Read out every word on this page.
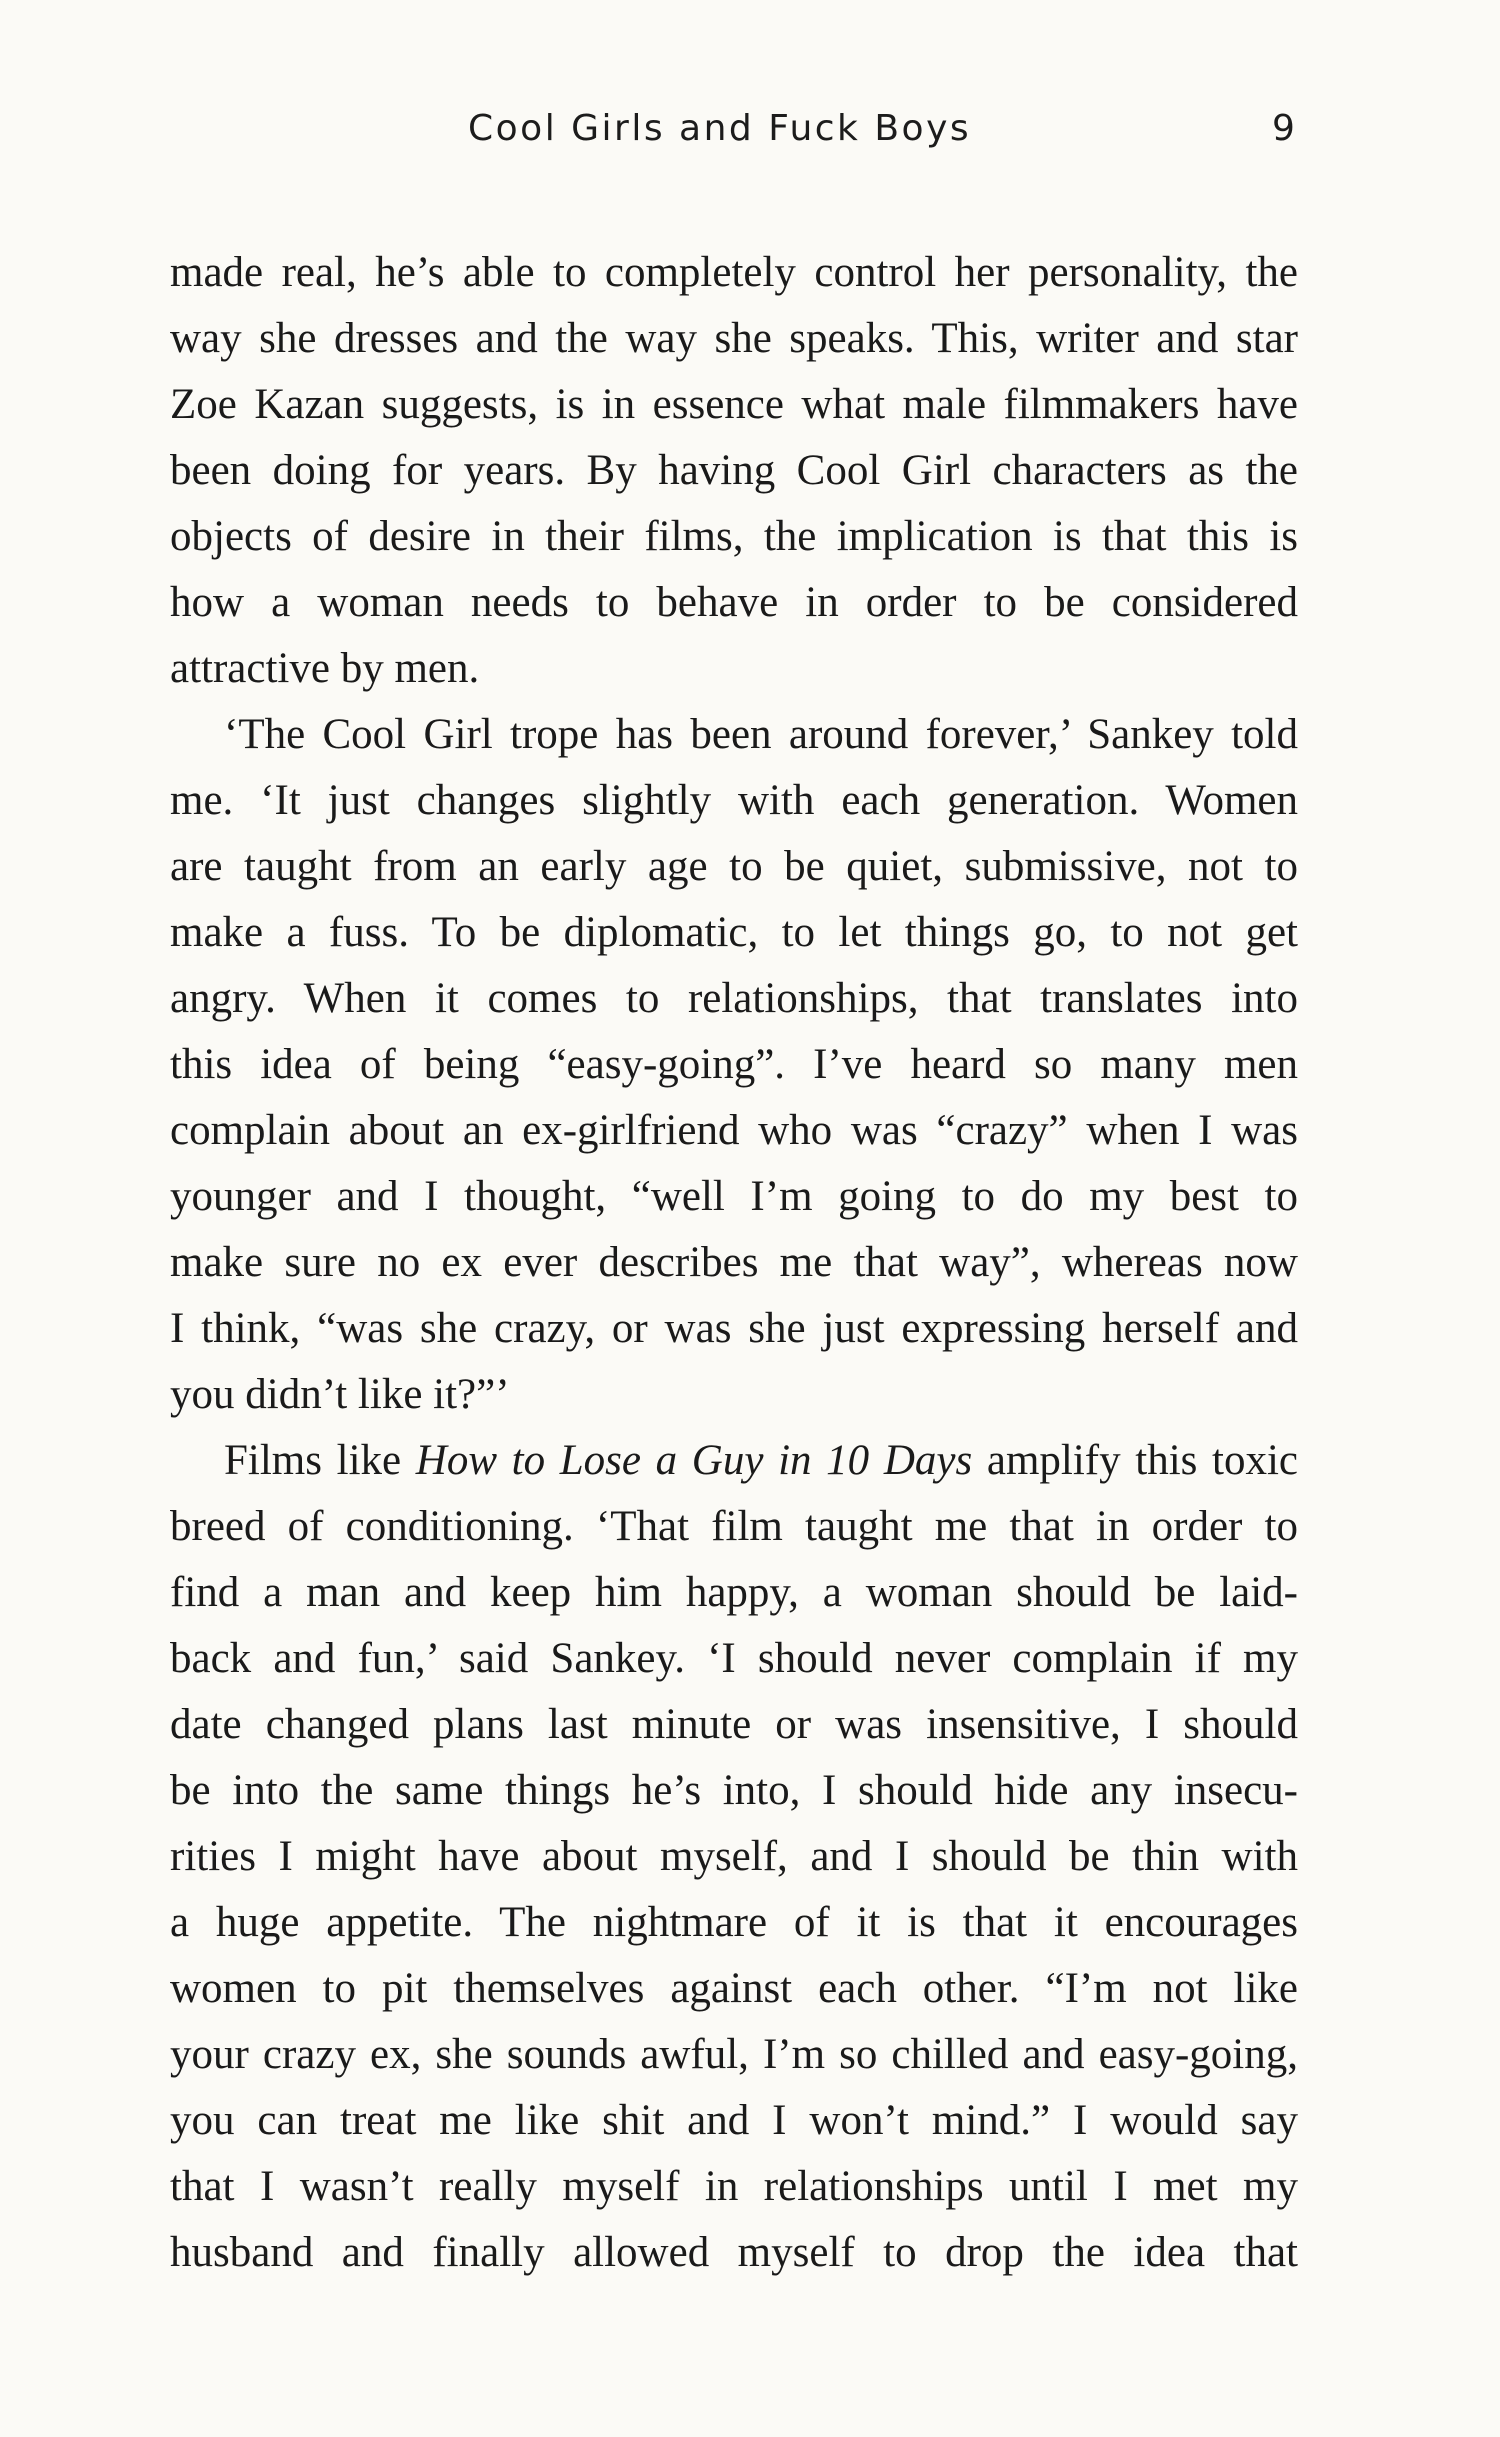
Cool Girls and Fuck Boys	9
made real, he’s able to completely control her personality, the
way she dresses and the way she speaks. This, writer and star
Zoe Kazan suggests, is in essence what male filmmakers have
been doing for years. By having Cool Girl characters as the
objects of desire in their films, the implication is that this is
how a woman needs to behave in order to be considered
attractive by men.
‘The Cool Girl trope has been around forever,’ Sankey told
me. ‘It just changes slightly with each generation. Women
are taught from an early age to be quiet, submissive, not to
make a fuss. To be diplomatic, to let things go, to not get
angry. When it comes to relationships, that translates into
this idea of being “easy-going”. I’ve heard so many men
complain about an ex-girlfriend who was “crazy” when I was
younger and I thought, “well I’m going to do my best to
make sure no ex ever describes me that way”, whereas now
I think, “was she crazy, or was she just expressing herself and
you didn’t like it?”’
Films like How to Lose a Guy in 10 Days amplify this toxic
breed of conditioning. ‘That film taught me that in order to
find a man and keep him happy, a woman should be laid-
back and fun,’ said Sankey. ‘I should never complain if my
date changed plans last minute or was insensitive, I should
be into the same things he’s into, I should hide any insecu-
rities I might have about myself, and I should be thin with
a huge appetite. The nightmare of it is that it encourages
women to pit themselves against each other. “I’m not like
your crazy ex, she sounds awful, I’m so chilled and easy-going,
you can treat me like shit and I won’t mind.” I would say
that I wasn’t really myself in relationships until I met my
husband and finally allowed myself to drop the idea that
